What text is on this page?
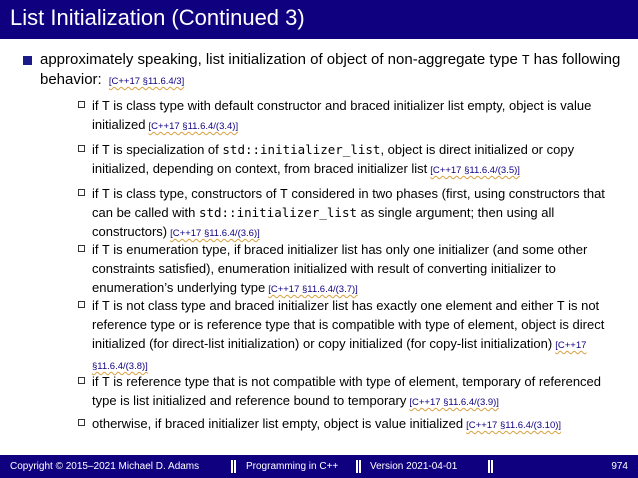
List Initialization (Continued 3)
approximately speaking, list initialization of object of non-aggregate type T has following behavior: [C++17 §11.6.4/3]
if T is class type with default constructor and braced initializer list empty, object is value initialized [C++17 §11.6.4/(3.4)]
if T is specialization of std::initializer_list, object is direct initialized or copy initialized, depending on context, from braced initializer list [C++17 §11.6.4/(3.5)]
if T is class type, constructors of T considered in two phases (first, using constructors that can be called with std::initializer_list as single argument; then using all constructors) [C++17 §11.6.4/(3.6)]
if T is enumeration type, if braced initializer list has only one initializer (and some other constraints satisfied), enumeration initialized with result of converting initializer to enumeration’s underlying type [C++17 §11.6.4/(3.7)]
if T is not class type and braced initializer list has exactly one element and either T is not reference type or is reference type that is compatible with type of element, object is direct initialized (for direct-list initialization) or copy initialized (for copy-list initialization) [C++17 §11.6.4/(3.8)]
if T is reference type that is not compatible with type of element, temporary of referenced type is list initialized and reference bound to temporary [C++17 §11.6.4/(3.9)]
otherwise, if braced initializer list empty, object is value initialized [C++17 §11.6.4/(3.10)]
Copyright © 2015–2021 Michael D. Adams	Programming in C++	Version 2021-04-01	974
